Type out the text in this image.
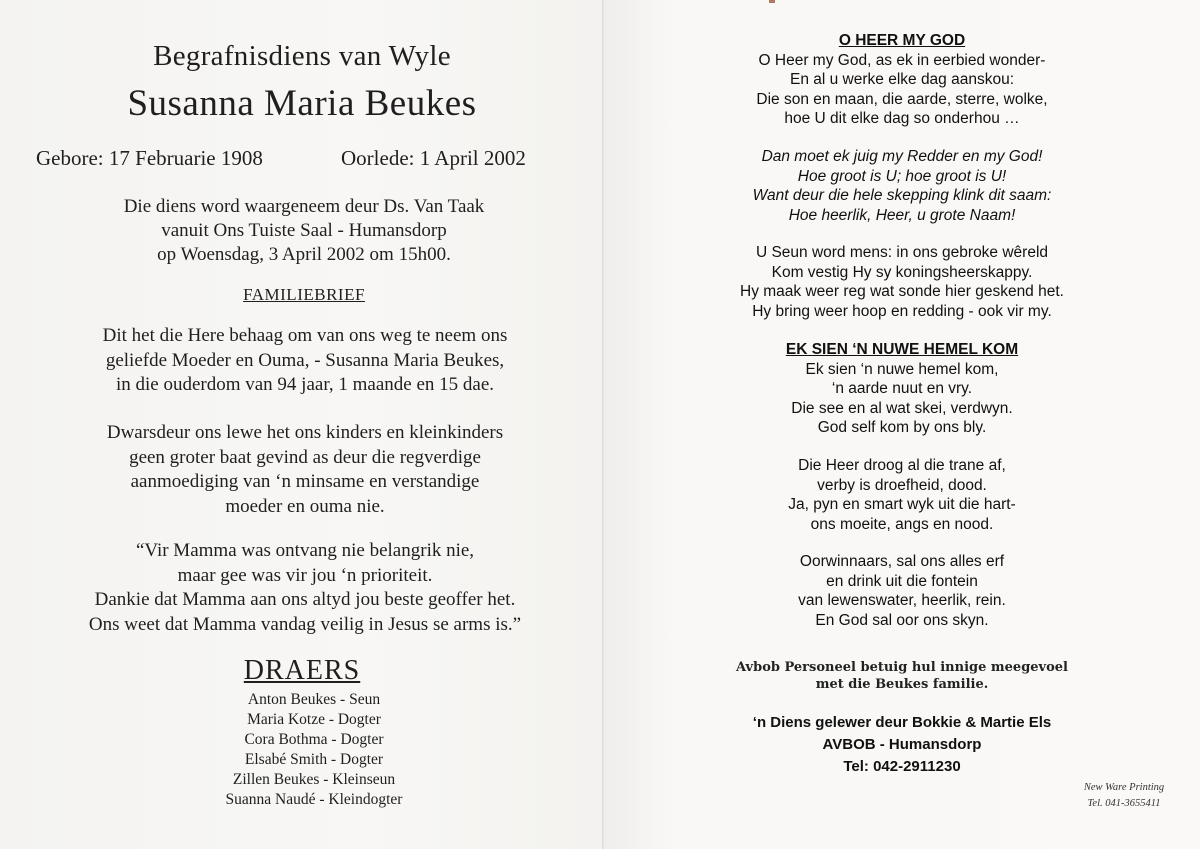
Begrafnisdiens van Wyle
Susanna Maria Beukes
Gebore: 17 Februarie 1908	Oorlede: 1 April 2002
Die diens word waargeneem deur Ds. Van Taak
vanuit Ons Tuiste Saal - Humansdorp
op Woensdag, 3 April 2002 om 15h00.
FAMILIEBRIEF
Dit het die Here behaag om van ons weg te neem ons
geliefde Moeder en Ouma, - Susanna Maria Beukes,
in die ouderdom van 94 jaar, 1 maande en 15 dae.
Dwarsdeur ons lewe het ons kinders en kleinkinders
geen groter baat gevind as deur die regverdige
aanmoediging van ‘n minsame en verstandige
moeder en ouma nie.
“Vir Mamma was ontvang nie belangrik nie,
maar gee was vir jou ‘n prioriteit.
Dankie dat Mamma aan ons altyd jou beste geoffer het.
Ons weet dat Mamma vandag veilig in Jesus se arms is.”
DRAERS
Anton Beukes - Seun
Maria Kotze - Dogter
Cora Bothma - Dogter
Elsabé Smith - Dogter
Zillen Beukes - Kleinseun
Suanna Naudé - Kleindogter
O HEER MY GOD
O Heer my God, as ek in eerbied wonder-
En al u werke elke dag aanskou:
Die son en maan, die aarde, sterre, wolke,
hoe U dit elke dag so onderhou …
Dan moet ek juig my Redder en my God!
Hoe groot is U; hoe groot is U!
Want deur die hele skepping klink dit saam:
Hoe heerlik, Heer, u grote Naam!
U Seun word mens: in ons gebroke wêreld
Kom vestig Hy sy koningsheerskappy.
Hy maak weer reg wat sonde hier geskend het.
Hy bring weer hoop en redding - ook vir my.
EK SIEN ‘N NUWE HEMEL KOM
Ek sien ‘n nuwe hemel kom,
‘n aarde nuut en vry.
Die see en al wat skei, verdwyn.
God self kom by ons bly.
Die Heer droog al die trane af,
verby is droefheid, dood.
Ja, pyn en smart wyk uit die hart-
ons moeite, angs en nood.
Oorwinnaars, sal ons alles erf
en drink uit die fontein
van lewenswater, heerlik, rein.
En God sal oor ons skyn.
Avbob Personeel betuig hul innige meegevoel
met die Beukes familie.
‘n Diens gelewer deur Bokkie & Martie Els
AVBOB - Humansdorp
Tel: 042-2911230
New Ware Printing
Tel. 041-3655411
